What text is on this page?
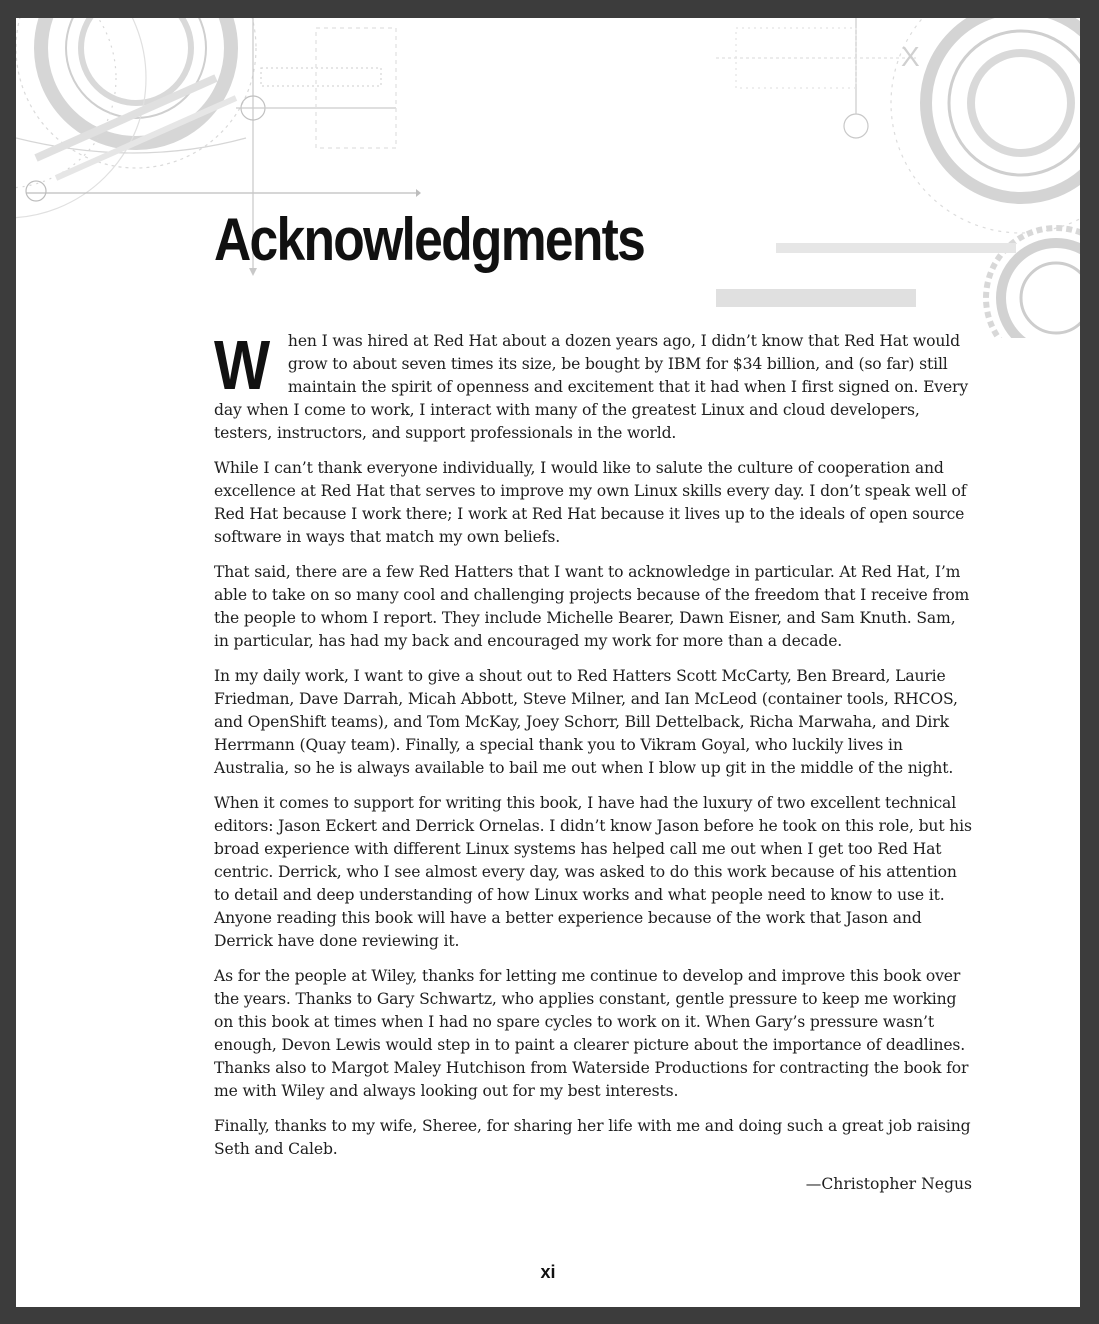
X
Acknowledgments

W hen I was hired at Red Hat about a dozen years ago, I didn’t know that Red Hat would grow to about seven times its size, be bought by IBM for $34 billion, and (so far) still maintain the spirit of openness and excitement that it had when I first signed on. Every day when I come to work, I interact with many of the greatest Linux and cloud developers, testers, instructors, and support professionals in the world.

While I can’t thank everyone individually, I would like to salute the culture of cooperation and excellence at Red Hat that serves to improve my own Linux skills every day. I don’t speak well of Red Hat because I work there; I work at Red Hat because it lives up to the ideals of open source software in ways that match my own beliefs.

That said, there are a few Red Hatters that I want to acknowledge in particular. At Red Hat, I’m able to take on so many cool and challenging projects because of the freedom that I receive from the people to whom I report. They include Michelle Bearer, Dawn Eisner, and Sam Knuth. Sam, in particular, has had my back and encouraged my work for more than a decade.

In my daily work, I want to give a shout out to Red Hatters Scott McCarty, Ben Breard, Laurie Friedman, Dave Darrah, Micah Abbott, Steve Milner, and Ian McLeod (container tools, RHCOS, and OpenShift teams), and Tom McKay, Joey Schorr, Bill Dettelback, Richa Marwaha, and Dirk Herrmann (Quay team). Finally, a special thank you to Vikram Goyal, who luckily lives in Australia, so he is always available to bail me out when I blow up git in the middle of the night.

When it comes to support for writing this book, I have had the luxury of two excellent technical editors: Jason Eckert and Derrick Ornelas. I didn’t know Jason before he took on this role, but his broad experience with different Linux systems has helped call me out when I get too Red Hat centric. Derrick, who I see almost every day, was asked to do this work because of his attention to detail and deep understanding of how Linux works and what people need to know to use it. Anyone reading this book will have a better experience because of the work that Jason and Derrick have done reviewing it.

As for the people at Wiley, thanks for letting me continue to develop and improve this book over the years. Thanks to Gary Schwartz, who applies constant, gentle pressure to keep me working on this book at times when I had no spare cycles to work on it. When Gary’s pressure wasn’t enough, Devon Lewis would step in to paint a clearer picture about the importance of deadlines. Thanks also to Margot Maley Hutchison from Waterside Productions for contracting the book for me with Wiley and always looking out for my best interests.

Finally, thanks to my wife, Sheree, for sharing her life with me and doing such a great job raising Seth and Caleb.

—Christopher Negus
xi
